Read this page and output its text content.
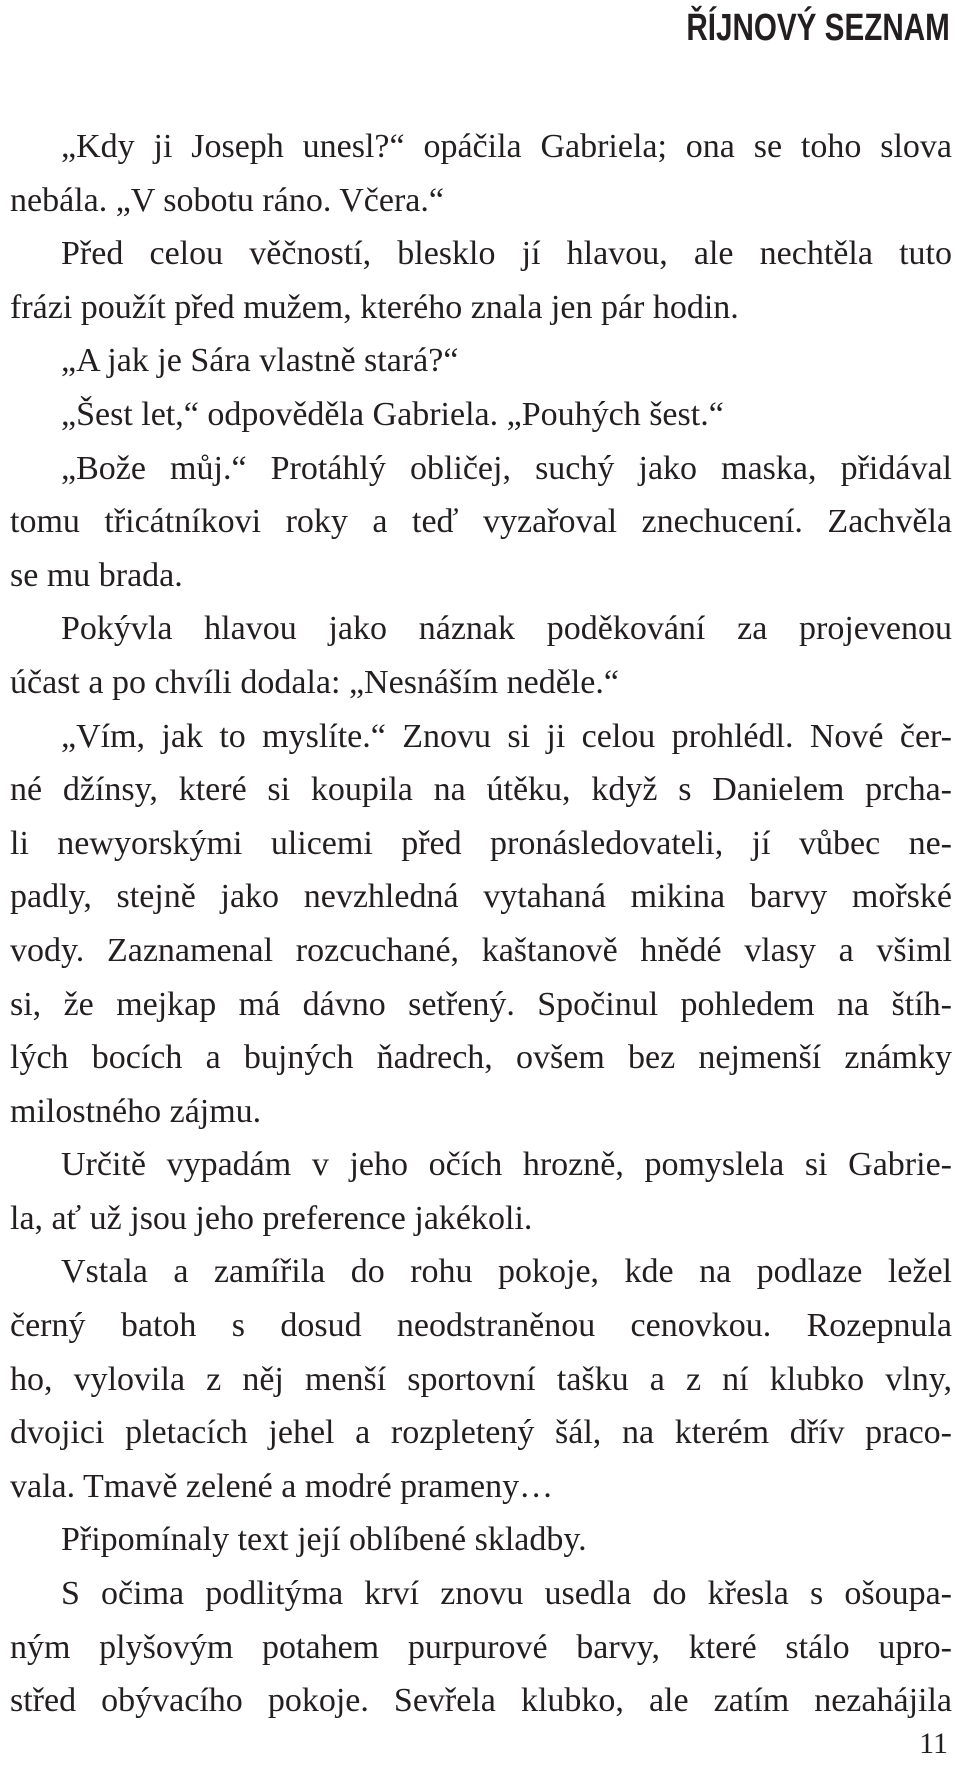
ŘÍJNOVÝ SEZNAM
„Kdy ji Joseph unesl?“ opáčila Gabriela; ona se toho slova
nebála. „V sobotu ráno. Včera.“
Před celou věčností, blesklo jí hlavou, ale nechtěla tuto
frázi použít před mužem, kterého znala jen pár hodin.
„A jak je Sára vlastně stará?“
„Šest let,“ odpověděla Gabriela. „Pouhých šest.“
„Bože můj.“ Protáhlý obličej, suchý jako maska, přidával
tomu třicátníkovi roky a teď vyzařoval znechucení. Zachvěla
se mu brada.
Pokývla hlavou jako náznak poděkování za projevenou
účast a po chvíli dodala: „Nesnáším neděle.“
„Vím, jak to myslíte.“ Znovu si ji celou prohlédl. Nové čer-
né džínsy, které si koupila na útěku, když s Danielem prcha-
li newyorskými ulicemi před pronásledovateli, jí vůbec ne-
padly, stejně jako nevzhledná vytahaná mikina barvy mořské
vody. Zaznamenal rozcuchané, kaštanově hnědé vlasy a všiml
si, že mejkap má dávno setřený. Spočinul pohledem na štíh-
lých bocích a bujných ňadrech, ovšem bez nejmenší známky
milostného zájmu.
Určitě vypadám v jeho očích hrozně, pomyslela si Gabrie-
la, ať už jsou jeho preference jakékoli.
Vstala a zamířila do rohu pokoje, kde na podlaze ležel
černý batoh s dosud neodstraněnou cenovkou. Rozepnula
ho, vylovila z něj menší sportovní tašku a z ní klubko vlny,
dvojici pletacích jehel a rozpletený šál, na kterém dřív praco-
vala. Tmavě zelené a modré prameny…
Připomínaly text její oblíbené skladby.
S očima podlitýma krví znovu usedla do křesla s ošoupa-
ným plyšovým potahem purpurové barvy, které stálo upro-
střed obývacího pokoje. Sevřela klubko, ale zatím nezahájila
11
